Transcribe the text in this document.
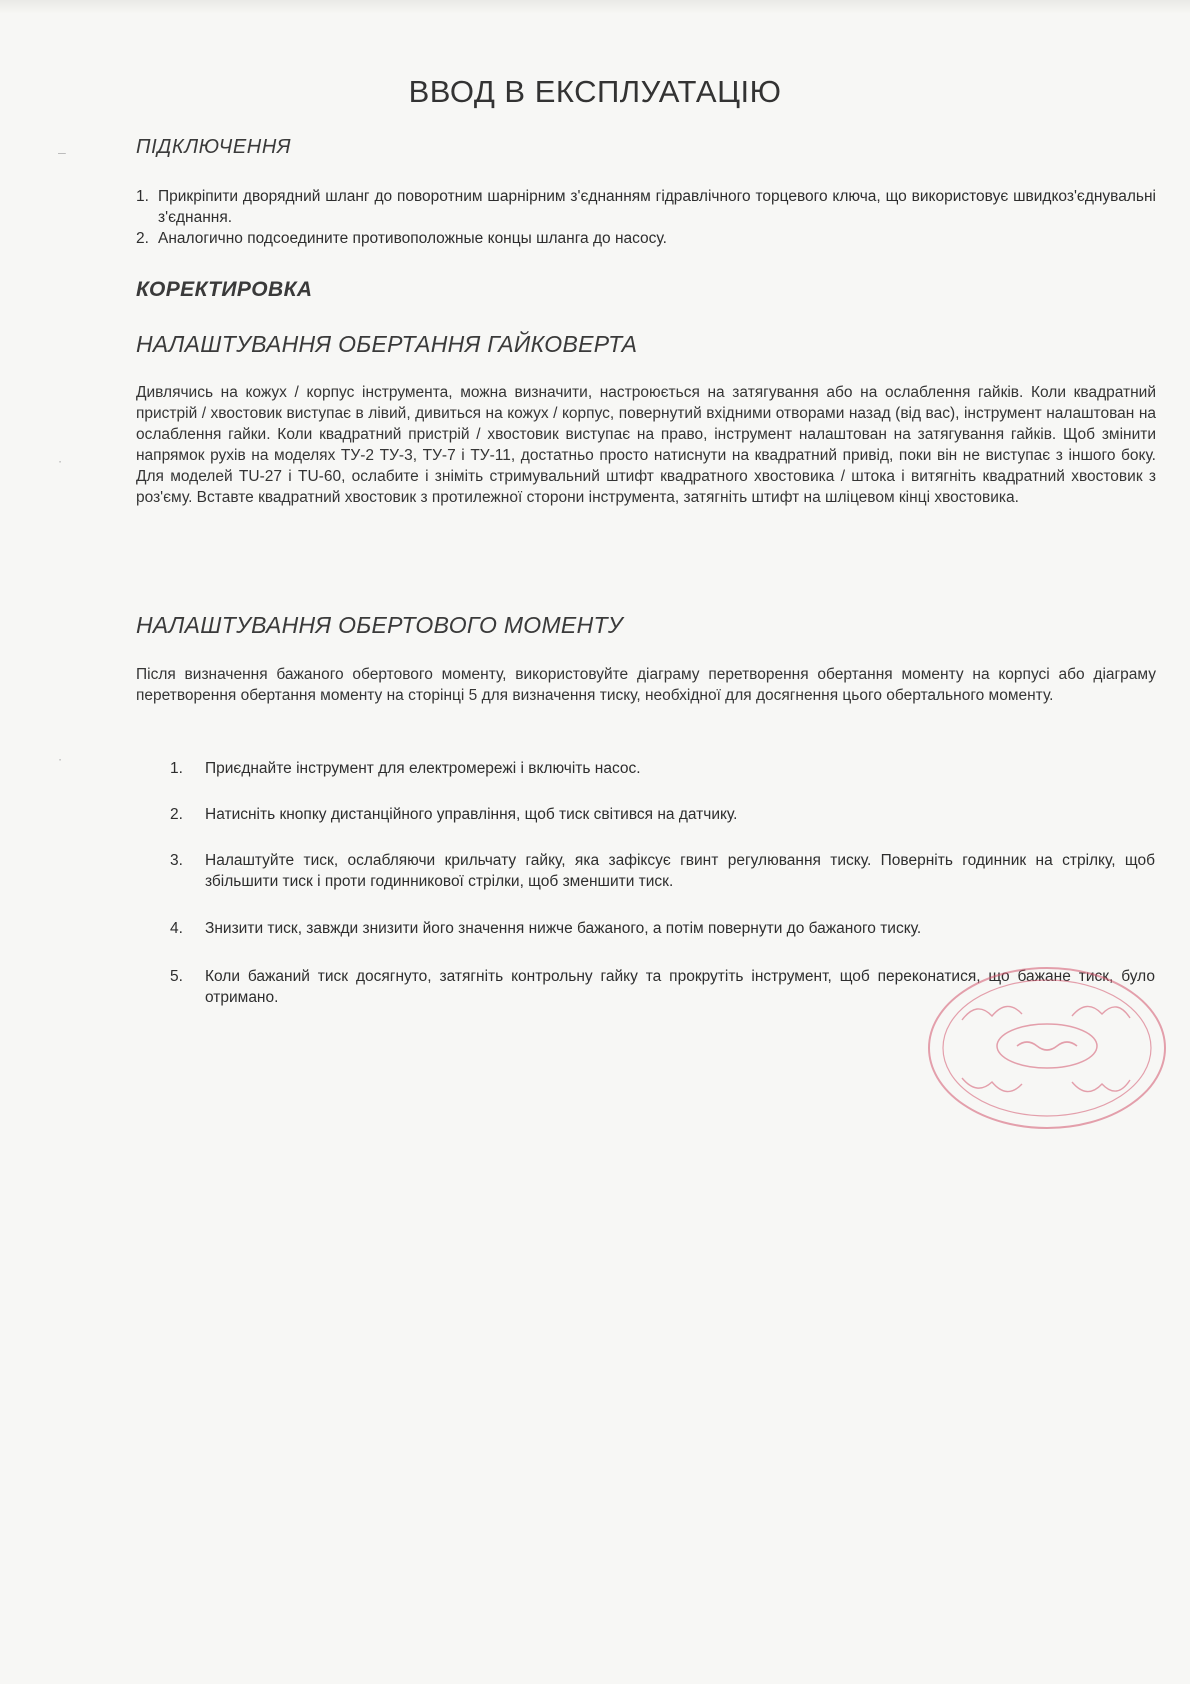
–
ᐧ
ᐧ
ВВОД В ЕКСПЛУАТАЦІЮ
ПІДКЛЮЧЕННЯ
1. Прикріпити дворядний шланг до поворотним шарнірним з'єднанням гідравлічного торцевого ключа, що використовує швидкоз'єднувальні з'єднання.
2. Аналогично подсоедините противоположные концы шланга до насосу.
КОРЕКТИРОВКА
НАЛАШТУВАННЯ ОБЕРТАННЯ ГАЙКОВЕРТА

Дивлячись на кожух / корпус інструмента, можна визначити, настроюється на затягування або на ослаблення гайків. Коли квадратний пристрій / хвостовик виступає в лівий, дивиться на кожух / корпус, повернутий вхідними отворами назад (від вас), інструмент налаштован на ослаблення гайки. Коли квадратний пристрій / хвостовик виступає на право, інструмент налаштован на затягування гайків. Щоб змінити напрямок рухів на моделях ТУ-2 ТУ-3, ТУ-7 і ТУ-11, достатньо просто натиснути на квадратний привід, поки він не виступає з іншого боку. Для моделей TU-27 і TU-60, ослабите і зніміть стримувальний штифт квадратного хвостовика / штока і витягніть квадратний хвостовик з роз'єму. Вставте квадратний хвостовик з протилежної сторони інструмента, затягніть штифт на шліцевом кінці хвостовика.

НАЛАШТУВАННЯ ОБЕРТОВОГО МОМЕНТУ

Після визначення бажаного обертового моменту, використовуйте діаграму перетворення обертання моменту на корпусі або діаграму перетворення обертання моменту на сторінці 5 для визначення тиску, необхідної для досягнення цього обертального моменту.

1. Приєднайте інструмент для електромережі і включіть насос.
2. Натисніть кнопку дистанційного управління, щоб тиск світився на датчику.
3. Налаштуйте тиск, ослабляючи крильчату гайку, яка зафіксує гвинт регулювання тиску. Поверніть годинник на стрілку, щоб збільшити тиск і проти годинникової стрілки, щоб зменшити тиск.
4. Знизити тиск, завжди знизити його значення нижче бажаного, а потім повернути до бажаного тиску.
5. Коли бажаний тиск досягнуто, затягніть контрольну гайку та прокрутіть інструмент, щоб переконатися, що бажане тиск, було отримано.
